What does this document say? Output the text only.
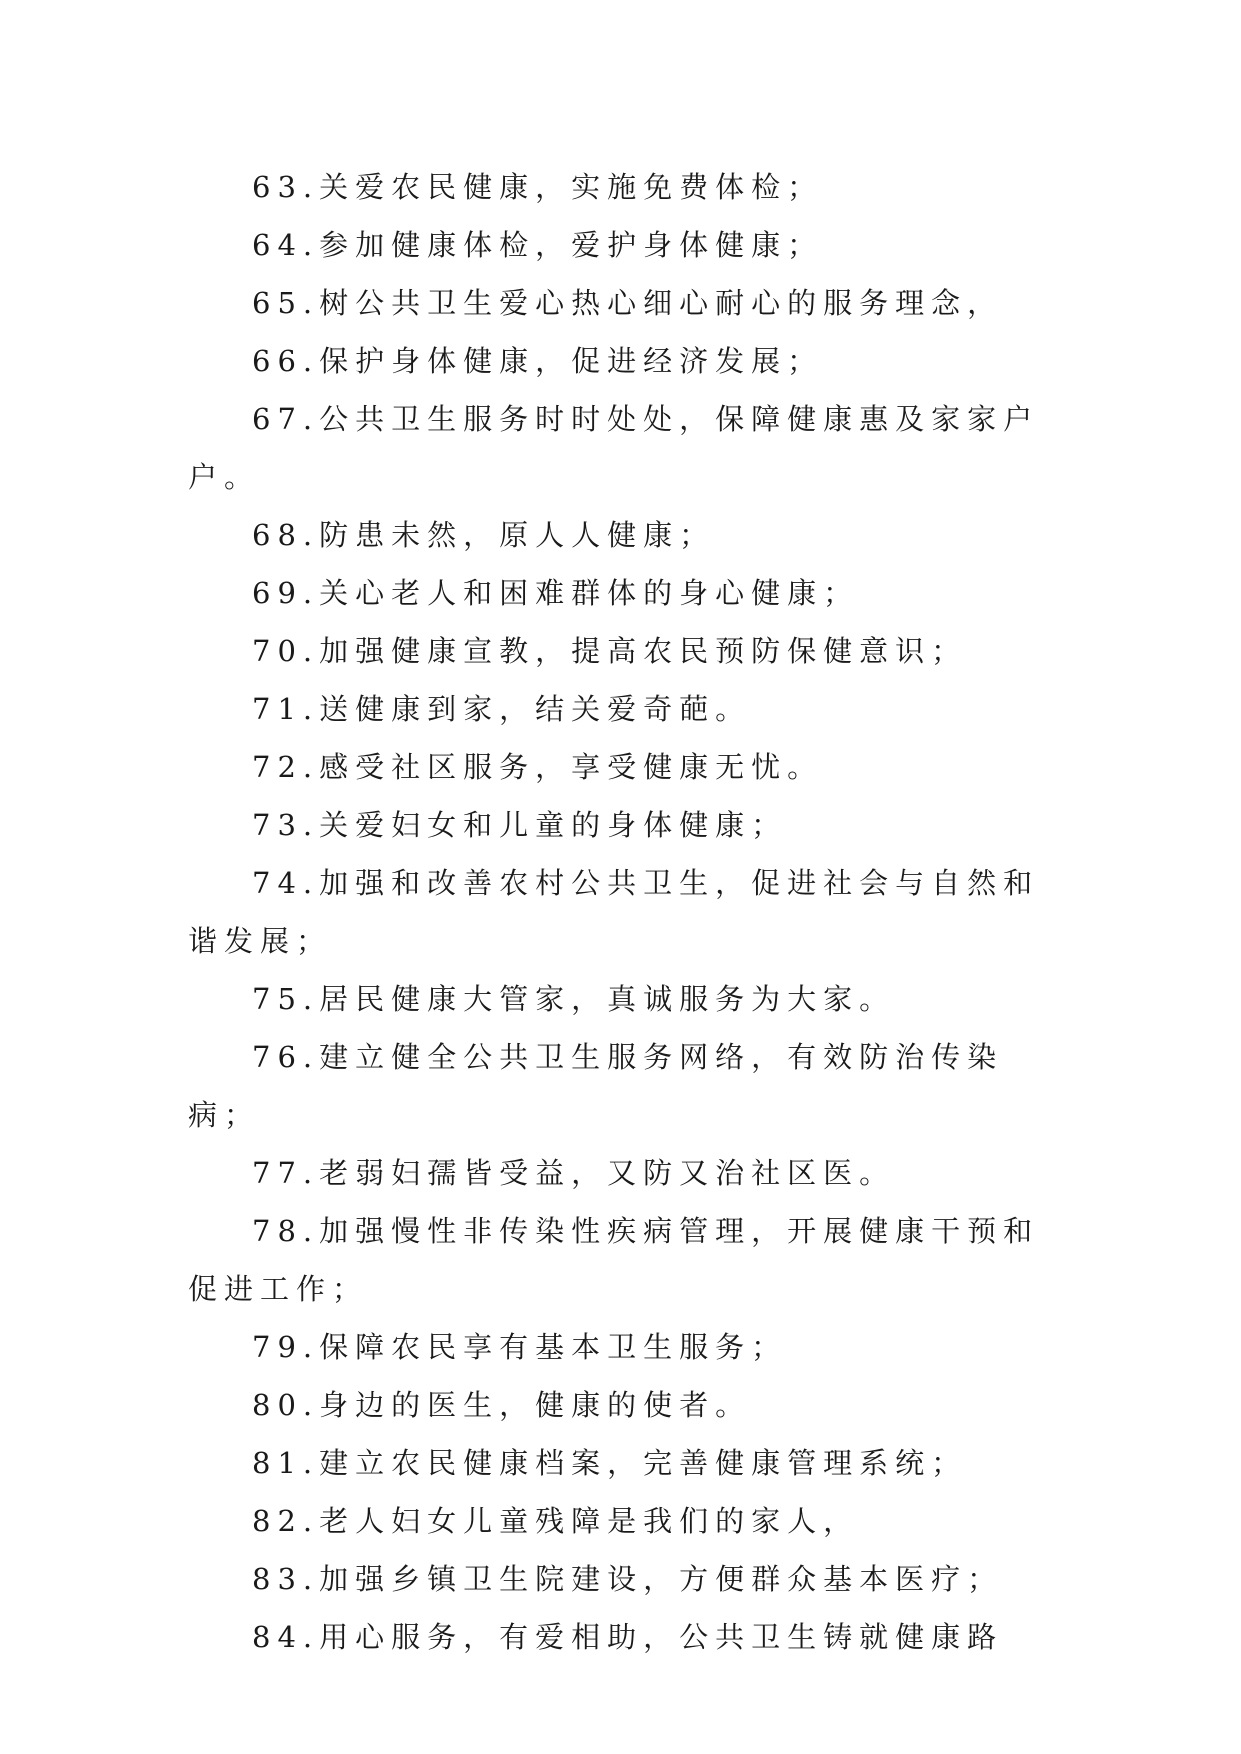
63.关爱农民健康，实施免费体检；

64.参加健康体检，爱护身体健康；

65.树公共卫生爱心热心细心耐心的服务理念，

66.保护身体健康，促进经济发展；

67.公共卫生服务时时处处，保障健康惠及家家户户。

68.防患未然，原人人健康；

69.关心老人和困难群体的身心健康；

70.加强健康宣教，提高农民预防保健意识；

71.送健康到家，结关爱奇葩。

72.感受社区服务，享受健康无忧。

73.关爱妇女和儿童的身体健康；

74.加强和改善农村公共卫生，促进社会与自然和谐发展；

75.居民健康大管家，真诚服务为大家。

76.建立健全公共卫生服务网络，有效防治传染病；

77.老弱妇孺皆受益，又防又治社区医。

78.加强慢性非传染性疾病管理，开展健康干预和促进工作；

79.保障农民享有基本卫生服务；

80.身边的医生，健康的使者。

81.建立农民健康档案，完善健康管理系统；

82.老人妇女儿童残障是我们的家人，

83.加强乡镇卫生院建设，方便群众基本医疗；

84.用心服务，有爱相助，公共卫生铸就健康路
